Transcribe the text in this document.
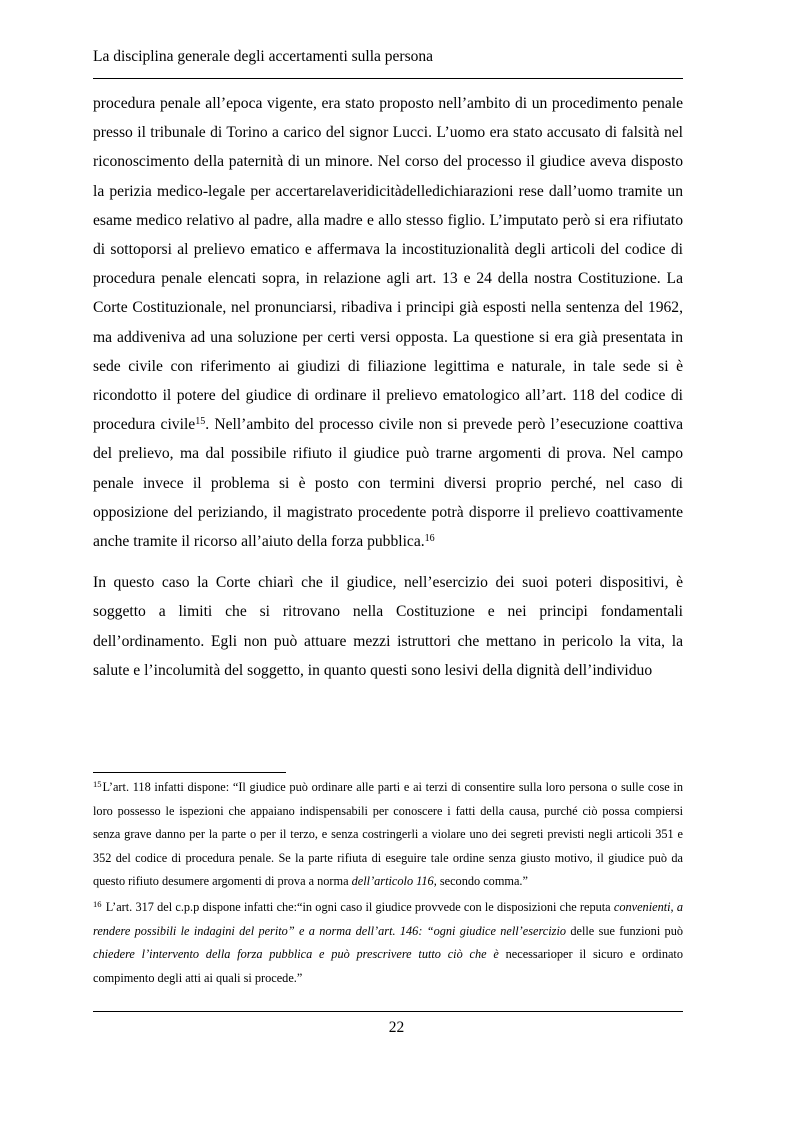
La disciplina generale degli accertamenti sulla persona

procedura penale all’epoca vigente, era stato proposto nell’ambito di un procedimento penale presso il tribunale di Torino a carico del signor Lucci. L’uomo era stato accusato di falsità nel riconoscimento della paternità di un minore. Nel corso del processo il giudice aveva disposto la perizia medico-legale per accertarelaveridicitàdelledichiarazioni rese dall’uomo tramite un esame medico relativo al padre, alla madre e allo stesso figlio. L’imputato però si era rifiutato di sottoporsi al prelievo ematico e affermava la incostituzionalità degli articoli del codice di procedura penale elencati sopra, in relazione agli art. 13 e 24 della nostra Costituzione. La Corte Costituzionale, nel pronunciarsi, ribadiva i principi già esposti nella sentenza del 1962, ma addiveniva ad una soluzione per certi versi opposta. La questione si era già presentata in sede civile con riferimento ai giudizi di filiazione legittima e naturale, in tale sede si è ricondotto il potere del giudice di ordinare il prelievo ematologico all’art. 118 del codice di procedura civile$^{15}$. Nell’ambito del processo civile non si prevede però l’esecuzione coattiva del prelievo, ma dal possibile rifiuto il giudice può trarne argomenti di prova. Nel campo penale invece il problema si è posto con termini diversi proprio perché, nel caso di opposizione del periziando, il magistrato procedente potrà disporre il prelievo coattivamente anche tramite il ricorso all’aiuto della forza pubblica.$^{16}$

In questo caso la Corte chiarì che il giudice, nell’esercizio dei suoi poteri dispositivi, è soggetto a limiti che si ritrovano nella Costituzione e nei principi fondamentali dell’ordinamento. Egli non può attuare mezzi istruttori che mettano in pericolo la vita, la salute e l’incolumità del soggetto, in quanto questi sono lesivi della dignità dell’individuo

$^{15}$L’art. 118 infatti dispone: “Il giudice può ordinare alle parti e ai terzi di consentire sulla loro persona o sulle cose in loro possesso le ispezioni che appaiano indispensabili per conoscere i fatti della causa, purché ciò possa compiersi senza grave danno per la parte o per il terzo, e senza costringerli a violare uno dei segreti previsti negli articoli 351 e 352 del codice di procedura penale. Se la parte rifiuta di eseguire tale ordine senza giusto motivo, il giudice può da questo rifiuto desumere argomenti di prova a norma dell’articolo 116, secondo comma.”

$^{16}$ L’art. 317 del c.p.p dispone infatti che:“in ogni caso il giudice provvede con le disposizioni che reputa convenienti, a rendere possibili le indagini del perito” e a norma dell’art. 146: “ogni giudice nell’esercizio delle sue funzioni può chiedere l’intervento della forza pubblica e può prescrivere tutto ciò che è necessarioper il sicuro e ordinato compimento degli atti ai quali si procede.”

22
